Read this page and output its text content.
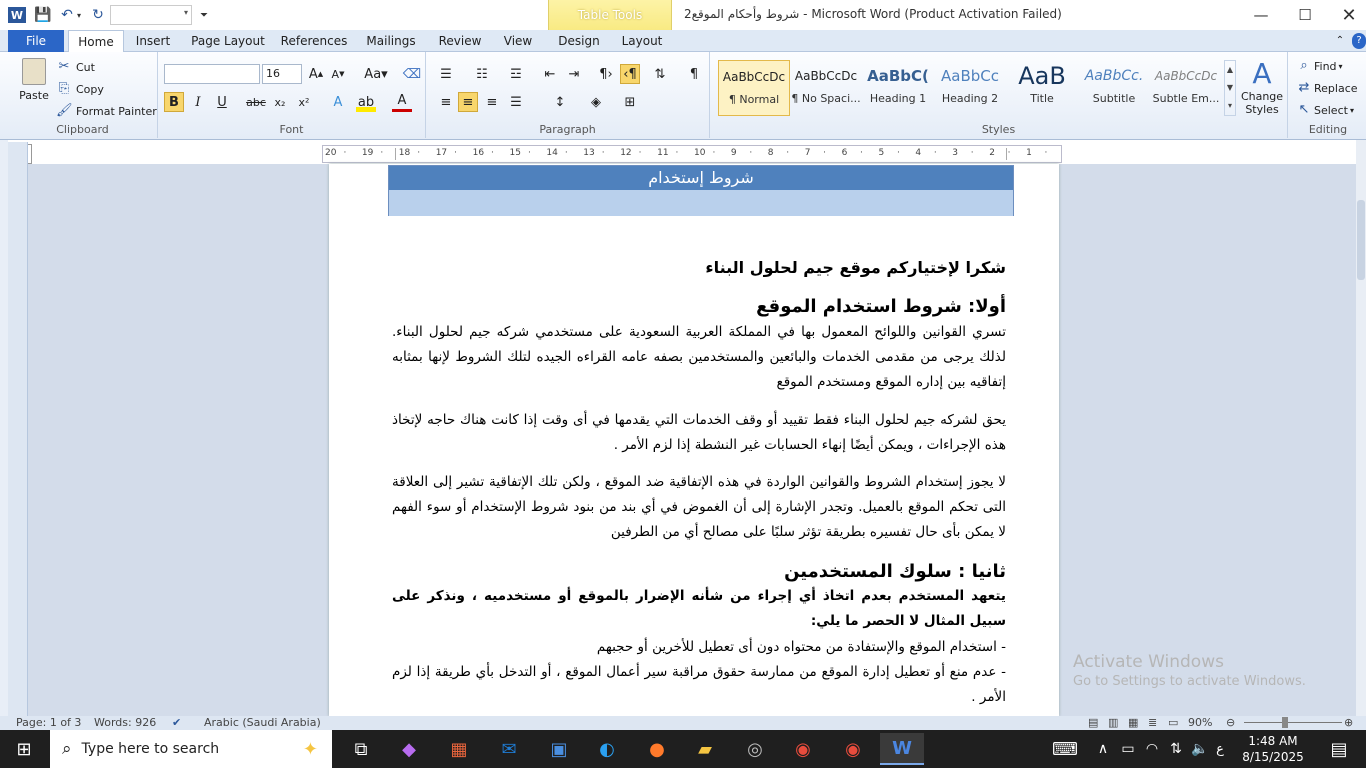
W 💾 ↶ ▾ ↻	▾ ⏷	Table Tools	شروط وأحكام الموقع2 - Microsoft Word (Product Activation Failed)	—	☐	✕
File	Home	Insert	Page Layout References	Mailings	Review	View	Design	Layout	⌃	?
Paste
✂ Cut
⎘ Copy
🖌 Format Painter
Clipboard
16	A ▲ A ▼ Aa▾ ⌫
B	I	U	abc x₂	x²	A	ab	A
Font
☰	☷	☲	⇤	⇥	¶› ‹¶	⇅	¶
≡ ≡	≡ ☰	↕	◈	⊞
Paragraph
AaBbCcDc
¶ Normal
AaBbCcDc
¶ No Spaci...
AaBbC(
Heading 1
AaBbCc
Heading 2
AaB
Title
AaBbCc.
Subtitle
AaBbCcDc
Subtle Em...
▲
▼
▾
A
Change Styles
Styles
⌕ Find ▾
⇄ Replace
↖ Select ▾
Editing
20 · 19 · 18 · 17 · 16 · 15 · 14 · 13 · 12 · 11 · 10 · 9 · 8 · 7 · 6 · 5 · 4 · 3 · 2 · 1 ·
شروط إستخدام
شكرا لإختياركم موقع جيم لحلول البناء
أولا: شروط استخدام الموقع
تسري القوانين واللوائح المعمول بها في المملكة العربية السعودية على مستخدمي شركه جيم لحلول البناء. لذلك يرجى من مقدمى الخدمات والبائعين والمستخدمين بصفه عامه القراءه الجيده لتلك الشروط لإنها بمثابه إتفاقيه بين إداره الموقع ومستخدم الموقع
يحق لشركه جيم لحلول البناء فقط تقييد أو وقف الخدمات التي يقدمها في أى وقت إذا كانت هناك حاجه لإتخاذ هذه الإجراءات ، ويمكن أيضًا إنهاء الحسابات غير النشطة إذا لزم الأمر .
لا يجوز إستخدام الشروط والقوانين الواردة في هذه الإتفاقية ضد الموقع ، ولكن تلك الإتفاقية تشير إلى العلاقة التى تحكم الموقع بالعميل. وتجدر الإشارة إلى أن الغموض في أي بند من بنود شروط الإستخدام أو سوء الفهم لا يمكن بأى حال تفسيره بطريقة تؤثر سلبًا على مصالح أي من الطرفين
ثانيا : سلوك المستخدمين
يتعهد المستخدم بعدم اتخاذ أي إجراء من شأنه الإضرار بالموقع أو مستخدميه ، ونذكر على سبيل المثال لا الحصر ما يلي:
- استخدام الموقع والإستفادة من محتواه دون أى تعطيل للأخرين أو حجبهم
- عدم منع أو تعطيل إدارة الموقع من ممارسة حقوق مراقبة سير أعمال الموقع ، أو التدخل بأي طريقة إذا لزم الأمر .
Activate Windows
Go to Settings to activate Windows.
Page: 1 of 3 Words: 926 ✔ Arabic (Saudi Arabia)	▤ ▥ ▦ ≣ ▭ 90% ⊖	⊕
⊞	⌕ Type here to search	✦	⧉	◆	▦	✉	▣	◐	●	▰	◎	◉	◉	W	⌨	∧ ▭ ◠ ⇅ 🔈 ع
1:48 AM
8/15/2025	▤
